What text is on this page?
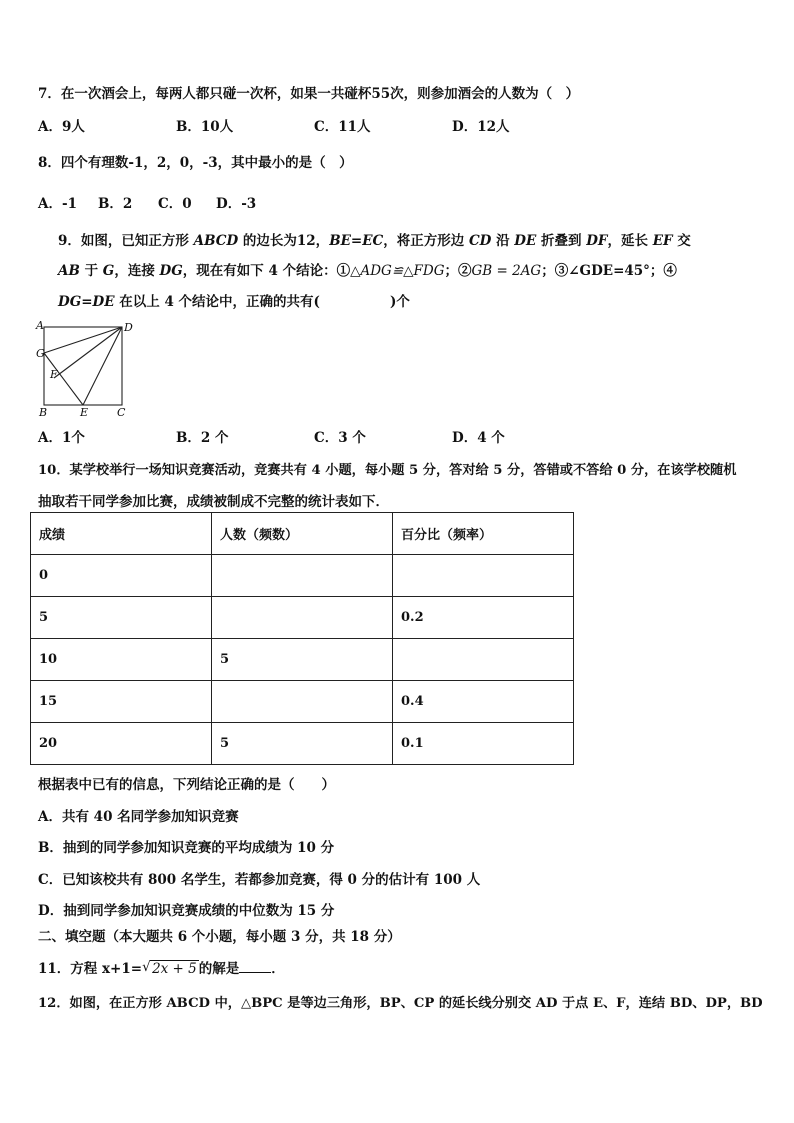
7．在一次酒会上，每两人都只碰一次杯，如果一共碰杯55次，则参加酒会的人数为（　）
A．9人	B．10人	C．11人	D．12人
8．四个有理数-1，2，0，-3，其中最小的是（　）
A．-1 B．2 C．0 D．-3
9．如图，已知正方形 ABCD 的边长为12，BE=EC，将正方形边 CD 沿 DE 折叠到 DF，延长 EF 交
AB 于 G，连接 DG，现在有如下 4 个结论：①△ADG≌△FDG；②GB = 2AG；③∠GDE=45°；④
DG=DE 在以上 4 个结论中，正确的共有(	)个
A	D
G
F
B	E	C
A．1个	B．2 个	C．3 个	D．4 个
10．某学校举行一场知识竞赛活动，竞赛共有 4 小题，每小题 5 分，答对给 5 分，答错或不答给 0 分，在该学校随机
抽取若干同学参加比赛，成绩被制成不完整的统计表如下．
成绩	人数（频数）	百分比（频率）
0		
5		0.2
10	5	
15		0.4
20	5	0.1
根据表中已有的信息，下列结论正确的是（　　）
A．共有 40 名同学参加知识竞赛
B．抽到的同学参加知识竞赛的平均成绩为 10 分
C．已知该校共有 800 名学生，若都参加竞赛，得 0 分的估计有 100 人
D．抽到同学参加知识竞赛成绩的中位数为 15 分
二、填空题（本大题共 6 个小题，每小题 3 分，共 18 分）
11．方程 x+1= √ 2x + 5 的解是 ．
12．如图，在正方形 ABCD 中，△BPC 是等边三角形，BP、CP 的延长线分别交 AD 于点 E、F，连结 BD、DP，BD
